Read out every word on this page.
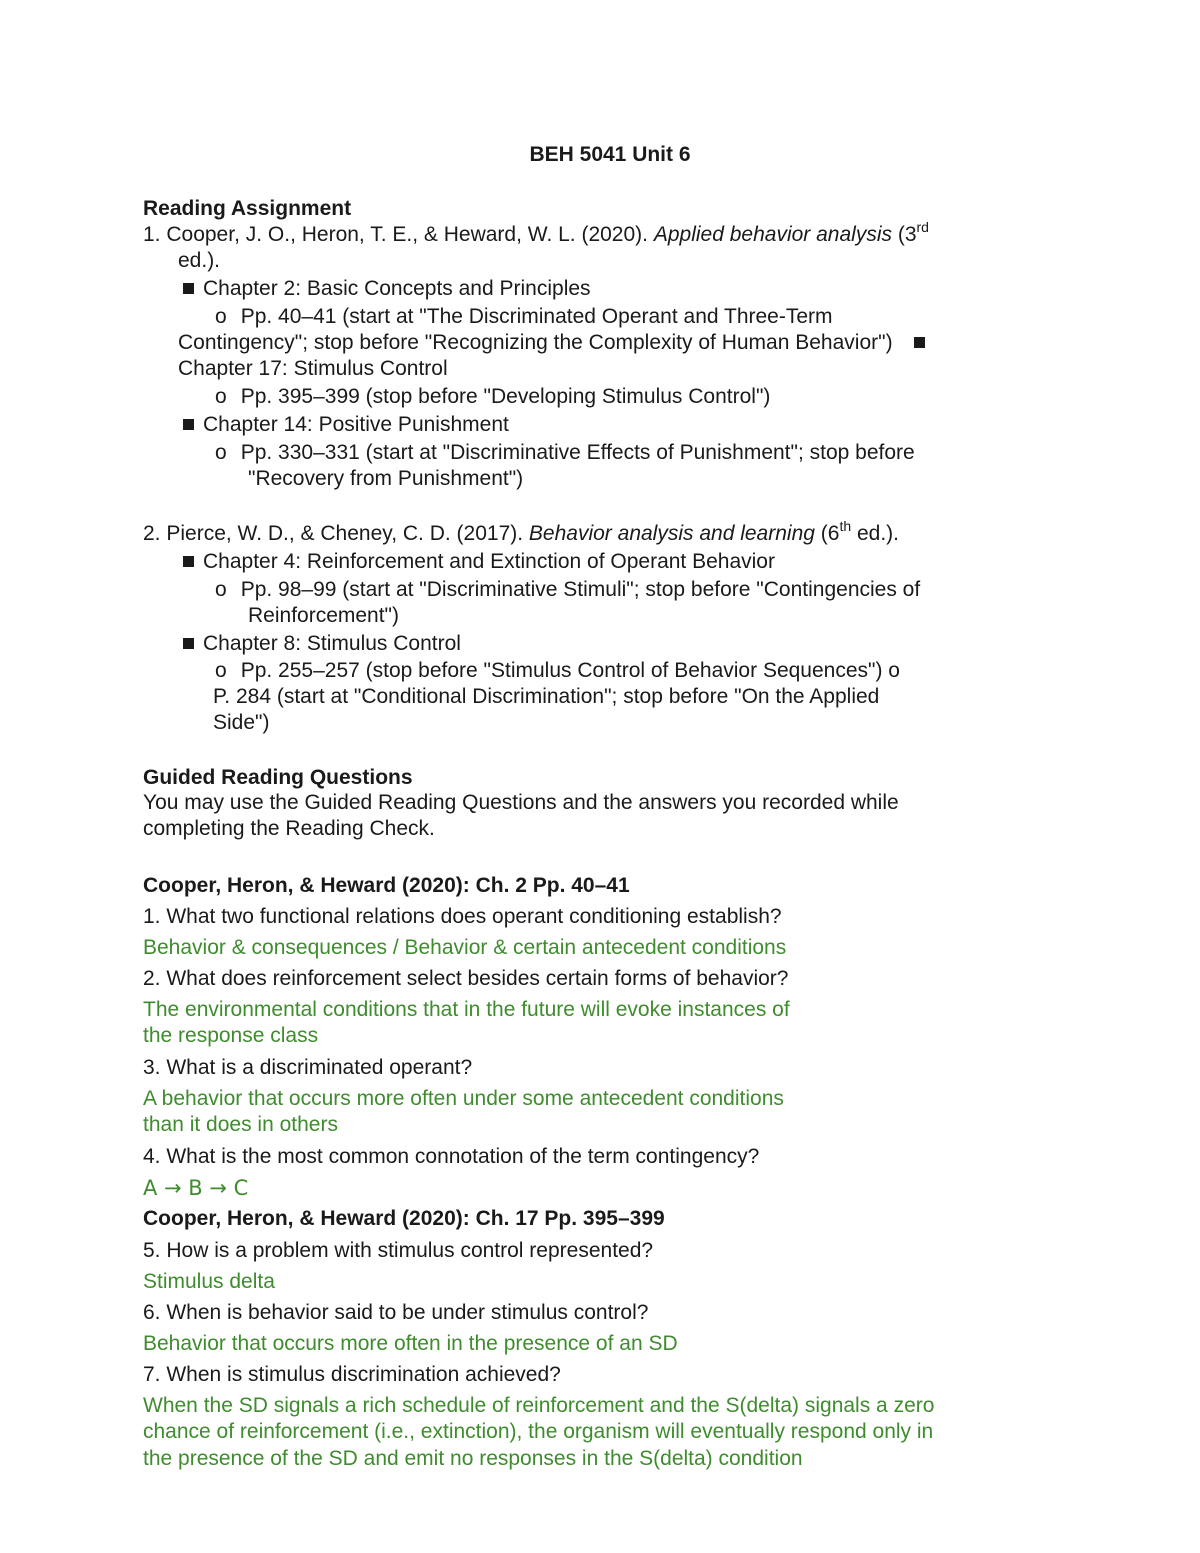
BEH 5041 Unit 6
Reading Assignment
1. Cooper, J. O., Heron, T. E., & Heward, W. L. (2020). Applied behavior analysis (3rd
ed.).
Chapter 2: Basic Concepts and Principles
o Pp. 40–41 (start at "The Discriminated Operant and Three-Term
Contingency"; stop before "Recognizing the Complexity of Human Behavior")
Chapter 17: Stimulus Control
o Pp. 395–399 (stop before "Developing Stimulus Control")
Chapter 14: Positive Punishment
o Pp. 330–331 (start at "Discriminative Effects of Punishment"; stop before
"Recovery from Punishment")
2. Pierce, W. D., & Cheney, C. D. (2017). Behavior analysis and learning (6th ed.).
Chapter 4: Reinforcement and Extinction of Operant Behavior
o Pp. 98–99 (start at "Discriminative Stimuli"; stop before "Contingencies of
Reinforcement")
Chapter 8: Stimulus Control
o Pp. 255–257 (stop before "Stimulus Control of Behavior Sequences") o
P. 284 (start at "Conditional Discrimination"; stop before "On the Applied
Side")
Guided Reading Questions
You may use the Guided Reading Questions and the answers you recorded while
completing the Reading Check.
Cooper, Heron, & Heward (2020): Ch. 2 Pp. 40–41
1. What two functional relations does operant conditioning establish?
Behavior & consequences / Behavior & certain antecedent conditions
2. What does reinforcement select besides certain forms of behavior?
The environmental conditions that in the future will evoke instances of
the response class
3. What is a discriminated operant?
A behavior that occurs more often under some antecedent conditions
than it does in others
4. What is the most common connotation of the term contingency?
A → B → C
Cooper, Heron, & Heward (2020): Ch. 17 Pp. 395–399
5. How is a problem with stimulus control represented?
Stimulus delta
6. When is behavior said to be under stimulus control?
Behavior that occurs more often in the presence of an SD
7. When is stimulus discrimination achieved?
When the SD signals a rich schedule of reinforcement and the S(delta) signals a zero
chance of reinforcement (i.e., extinction), the organism will eventually respond only in
the presence of the SD and emit no responses in the S(delta) condition
